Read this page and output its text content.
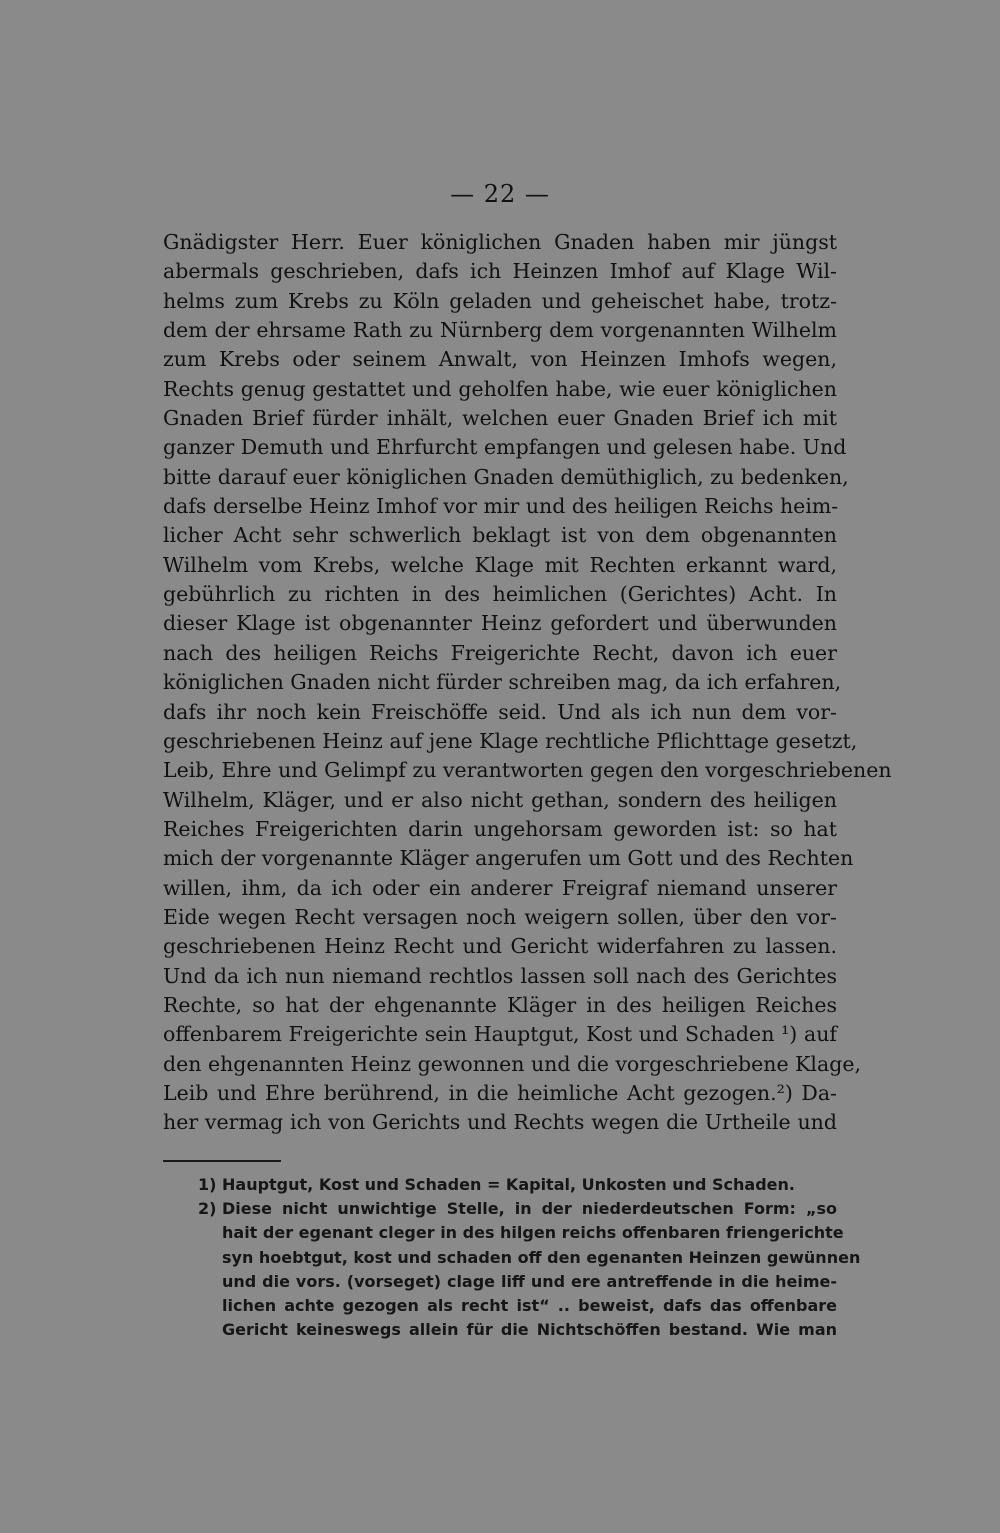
— 22 —
Gnädigster Herr. Euer königlichen Gnaden haben mir jüngst
abermals geschrieben, dafs ich Heinzen Imhof auf Klage Wil-
helms zum Krebs zu Köln geladen und geheischet habe, trotz-
dem der ehrsame Rath zu Nürnberg dem vorgenannten Wilhelm
zum Krebs oder seinem Anwalt, von Heinzen Imhofs wegen,
Rechts genug gestattet und geholfen habe, wie euer königlichen
Gnaden Brief fürder inhält, welchen euer Gnaden Brief ich mit
ganzer Demuth und Ehrfurcht empfangen und gelesen habe. Und
bitte darauf euer königlichen Gnaden demüthiglich, zu bedenken,
dafs derselbe Heinz Imhof vor mir und des heiligen Reichs heim-
licher Acht sehr schwerlich beklagt ist von dem obgenannten
Wilhelm vom Krebs, welche Klage mit Rechten erkannt ward,
gebührlich zu richten in des heimlichen (Gerichtes) Acht. In
dieser Klage ist obgenannter Heinz gefordert und überwunden
nach des heiligen Reichs Freigerichte Recht, davon ich euer
königlichen Gnaden nicht fürder schreiben mag, da ich erfahren,
dafs ihr noch kein Freischöffe seid. Und als ich nun dem vor-
geschriebenen Heinz auf jene Klage rechtliche Pflichttage gesetzt,
Leib, Ehre und Gelimpf zu verantworten gegen den vorgeschriebenen
Wilhelm, Kläger, und er also nicht gethan, sondern des heiligen
Reiches Freigerichten darin ungehorsam geworden ist: so hat
mich der vorgenannte Kläger angerufen um Gott und des Rechten
willen, ihm, da ich oder ein anderer Freigraf niemand unserer
Eide wegen Recht versagen noch weigern sollen, über den vor-
geschriebenen Heinz Recht und Gericht widerfahren zu lassen.
Und da ich nun niemand rechtlos lassen soll nach des Gerichtes
Rechte, so hat der ehgenannte Kläger in des heiligen Reiches
offenbarem Freigerichte sein Hauptgut, Kost und Schaden ¹) auf
den ehgenannten Heinz gewonnen und die vorgeschriebene Klage,
Leib und Ehre berührend, in die heimliche Acht gezogen.²) Da-
her vermag ich von Gerichts und Rechts wegen die Urtheile und
1) Hauptgut, Kost und Schaden = Kapital, Unkosten und Schaden.
2) Diese nicht unwichtige Stelle, in der niederdeutschen Form: „so
hait der egenant cleger in des hilgen reichs offenbaren friengerichte
syn hoebtgut, kost und schaden off den egenanten Heinzen gewünnen
und die vors. (vorseget) clage liff und ere antreffende in die heime-
lichen achte gezogen als recht ist“ .. beweist, dafs das offenbare
Gericht keineswegs allein für die Nichtschöffen bestand. Wie man
